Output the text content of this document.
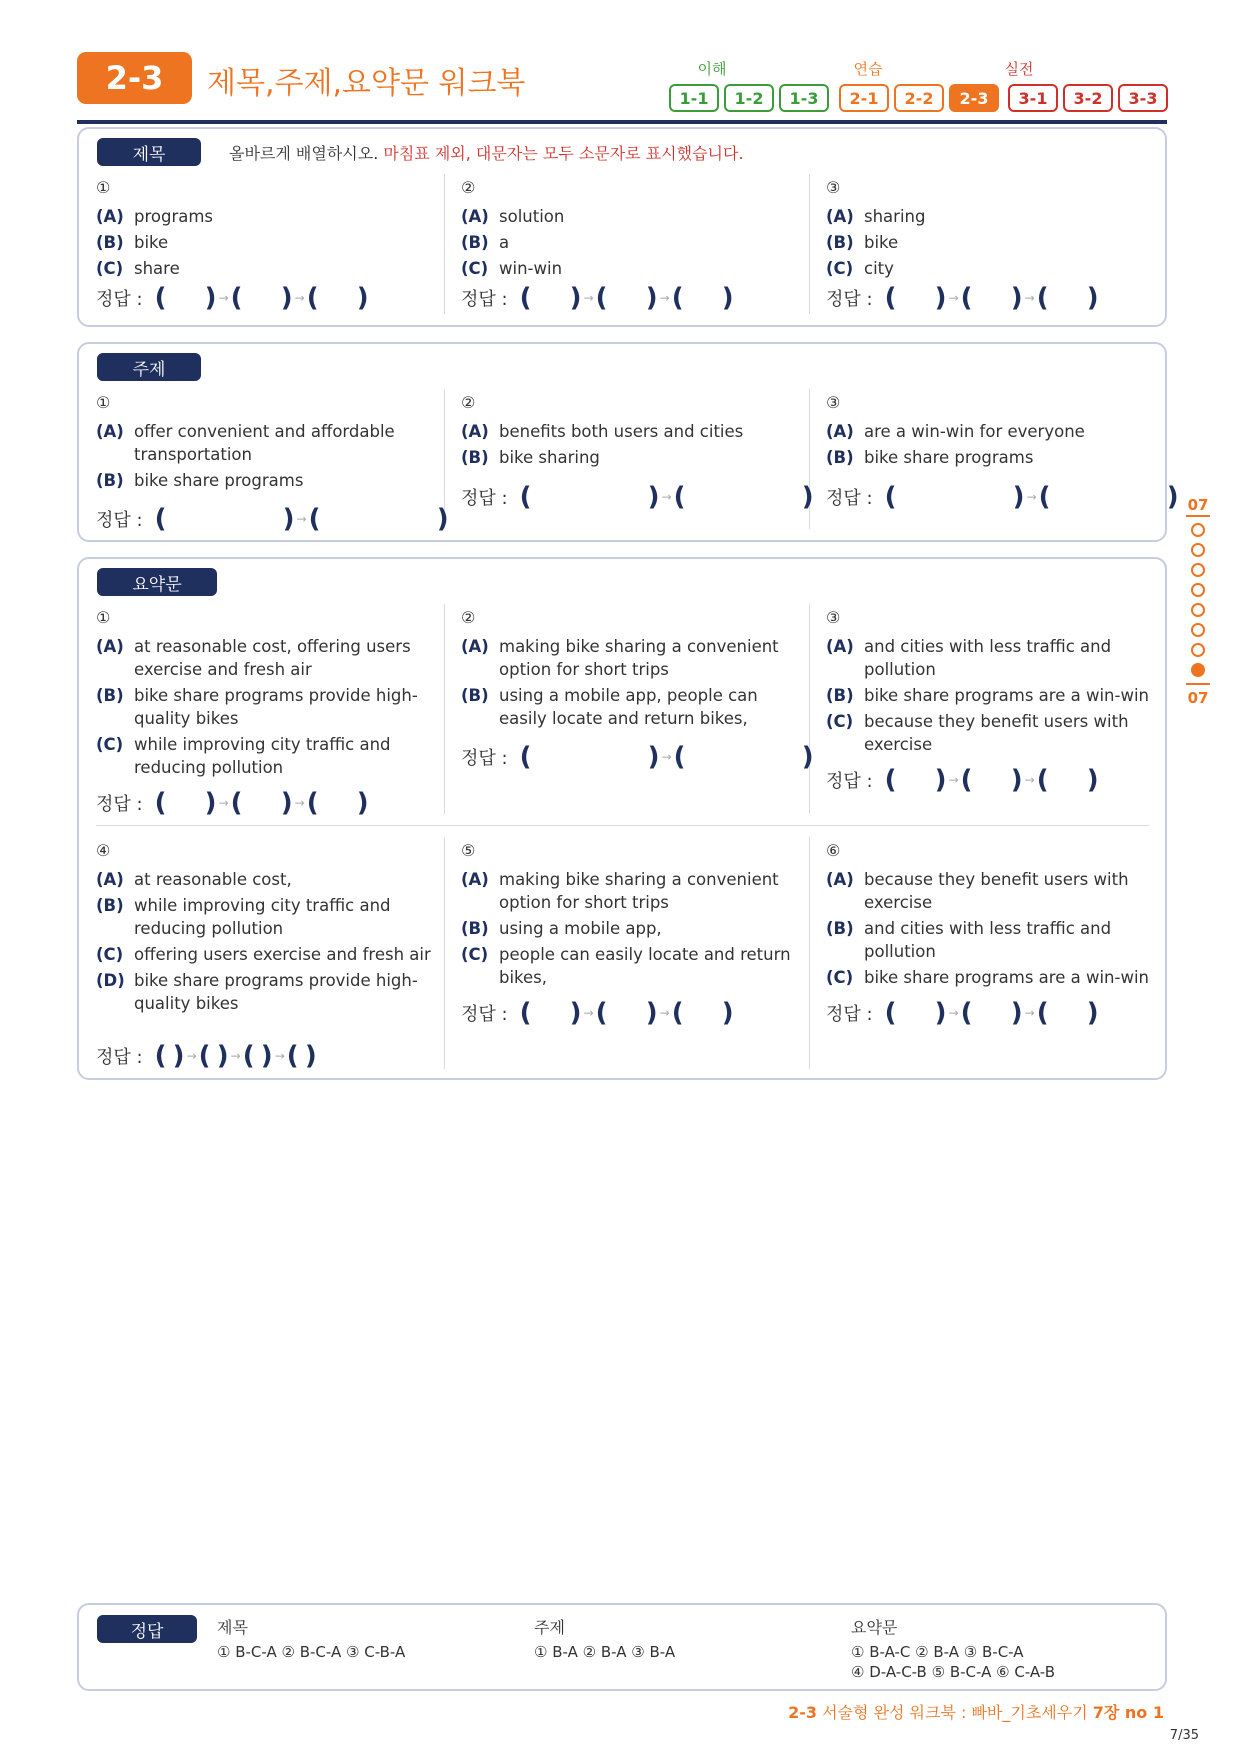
2-3	제목,주제,요약문 워크북	이해	연습	실전
1-1	1-2	1-3	2-1	2-2	2-3	3-1	3-2	3-3
제목	올바르게 배열하시오. 마침표 제외, 대문자는 모두 소문자로 표시했습니다.
①
(A) programs
(B) bike
(C) share
정답 : ( ) → ( ) → ( )
②
(A) solution
(B) a
(C) win-win
정답 : ( ) → ( ) → ( )
③
(A) sharing
(B) bike
(C) city
정답 : ( ) → ( ) → ( )
주제
①
(A) offer convenient and affordable transportation
(B) bike share programs
정답 : (	) → (	)
②
(A) benefits both users and cities
(B) bike sharing
정답 : (	) → (	)
③
(A) are a win-win for everyone
(B) bike share programs
정답 : (	) → (	)
요약문
①
(A) at reasonable cost, offering users exercise and fresh air
(B) bike share programs provide high-quality bikes
(C) while improving city traffic and reducing pollution
정답 : ( ) → ( ) → ( )
②
(A) making bike sharing a convenient option for short trips
(B) using a mobile app, people can easily locate and return bikes,
정답 : (	) → (	)
③
(A) and cities with less traffic and pollution
(B) bike share programs are a win-win
(C) because they benefit users with exercise
정답 : ( ) → ( ) → ( )
④
(A) at reasonable cost,
(B) while improving city traffic and reducing pollution
(C) offering users exercise and fresh air
(D) bike share programs provide high-quality bikes
정답 : ( ) → ( ) → ( ) → ( )
⑤
(A) making bike sharing a convenient option for short trips
(B) using a mobile app,
(C) people can easily locate and return bikes,
정답 : ( ) → ( ) → ( )
⑥
(A) because they benefit users with exercise
(B) and cities with less traffic and pollution
(C) bike share programs are a win-win
정답 : ( ) → ( ) → ( )
07
07
정답	제목
① B-C-A ② B-C-A ③ C-B-A
주제
① B-A ② B-A ③ B-A
요약문
① B-A-C ② B-A ③ B-C-A
④ D-A-C-B ⑤ B-C-A ⑥ C-A-B
2-3 서술형 완성 워크북 : 빠바_기초세우기 7장 no 1
7/35
